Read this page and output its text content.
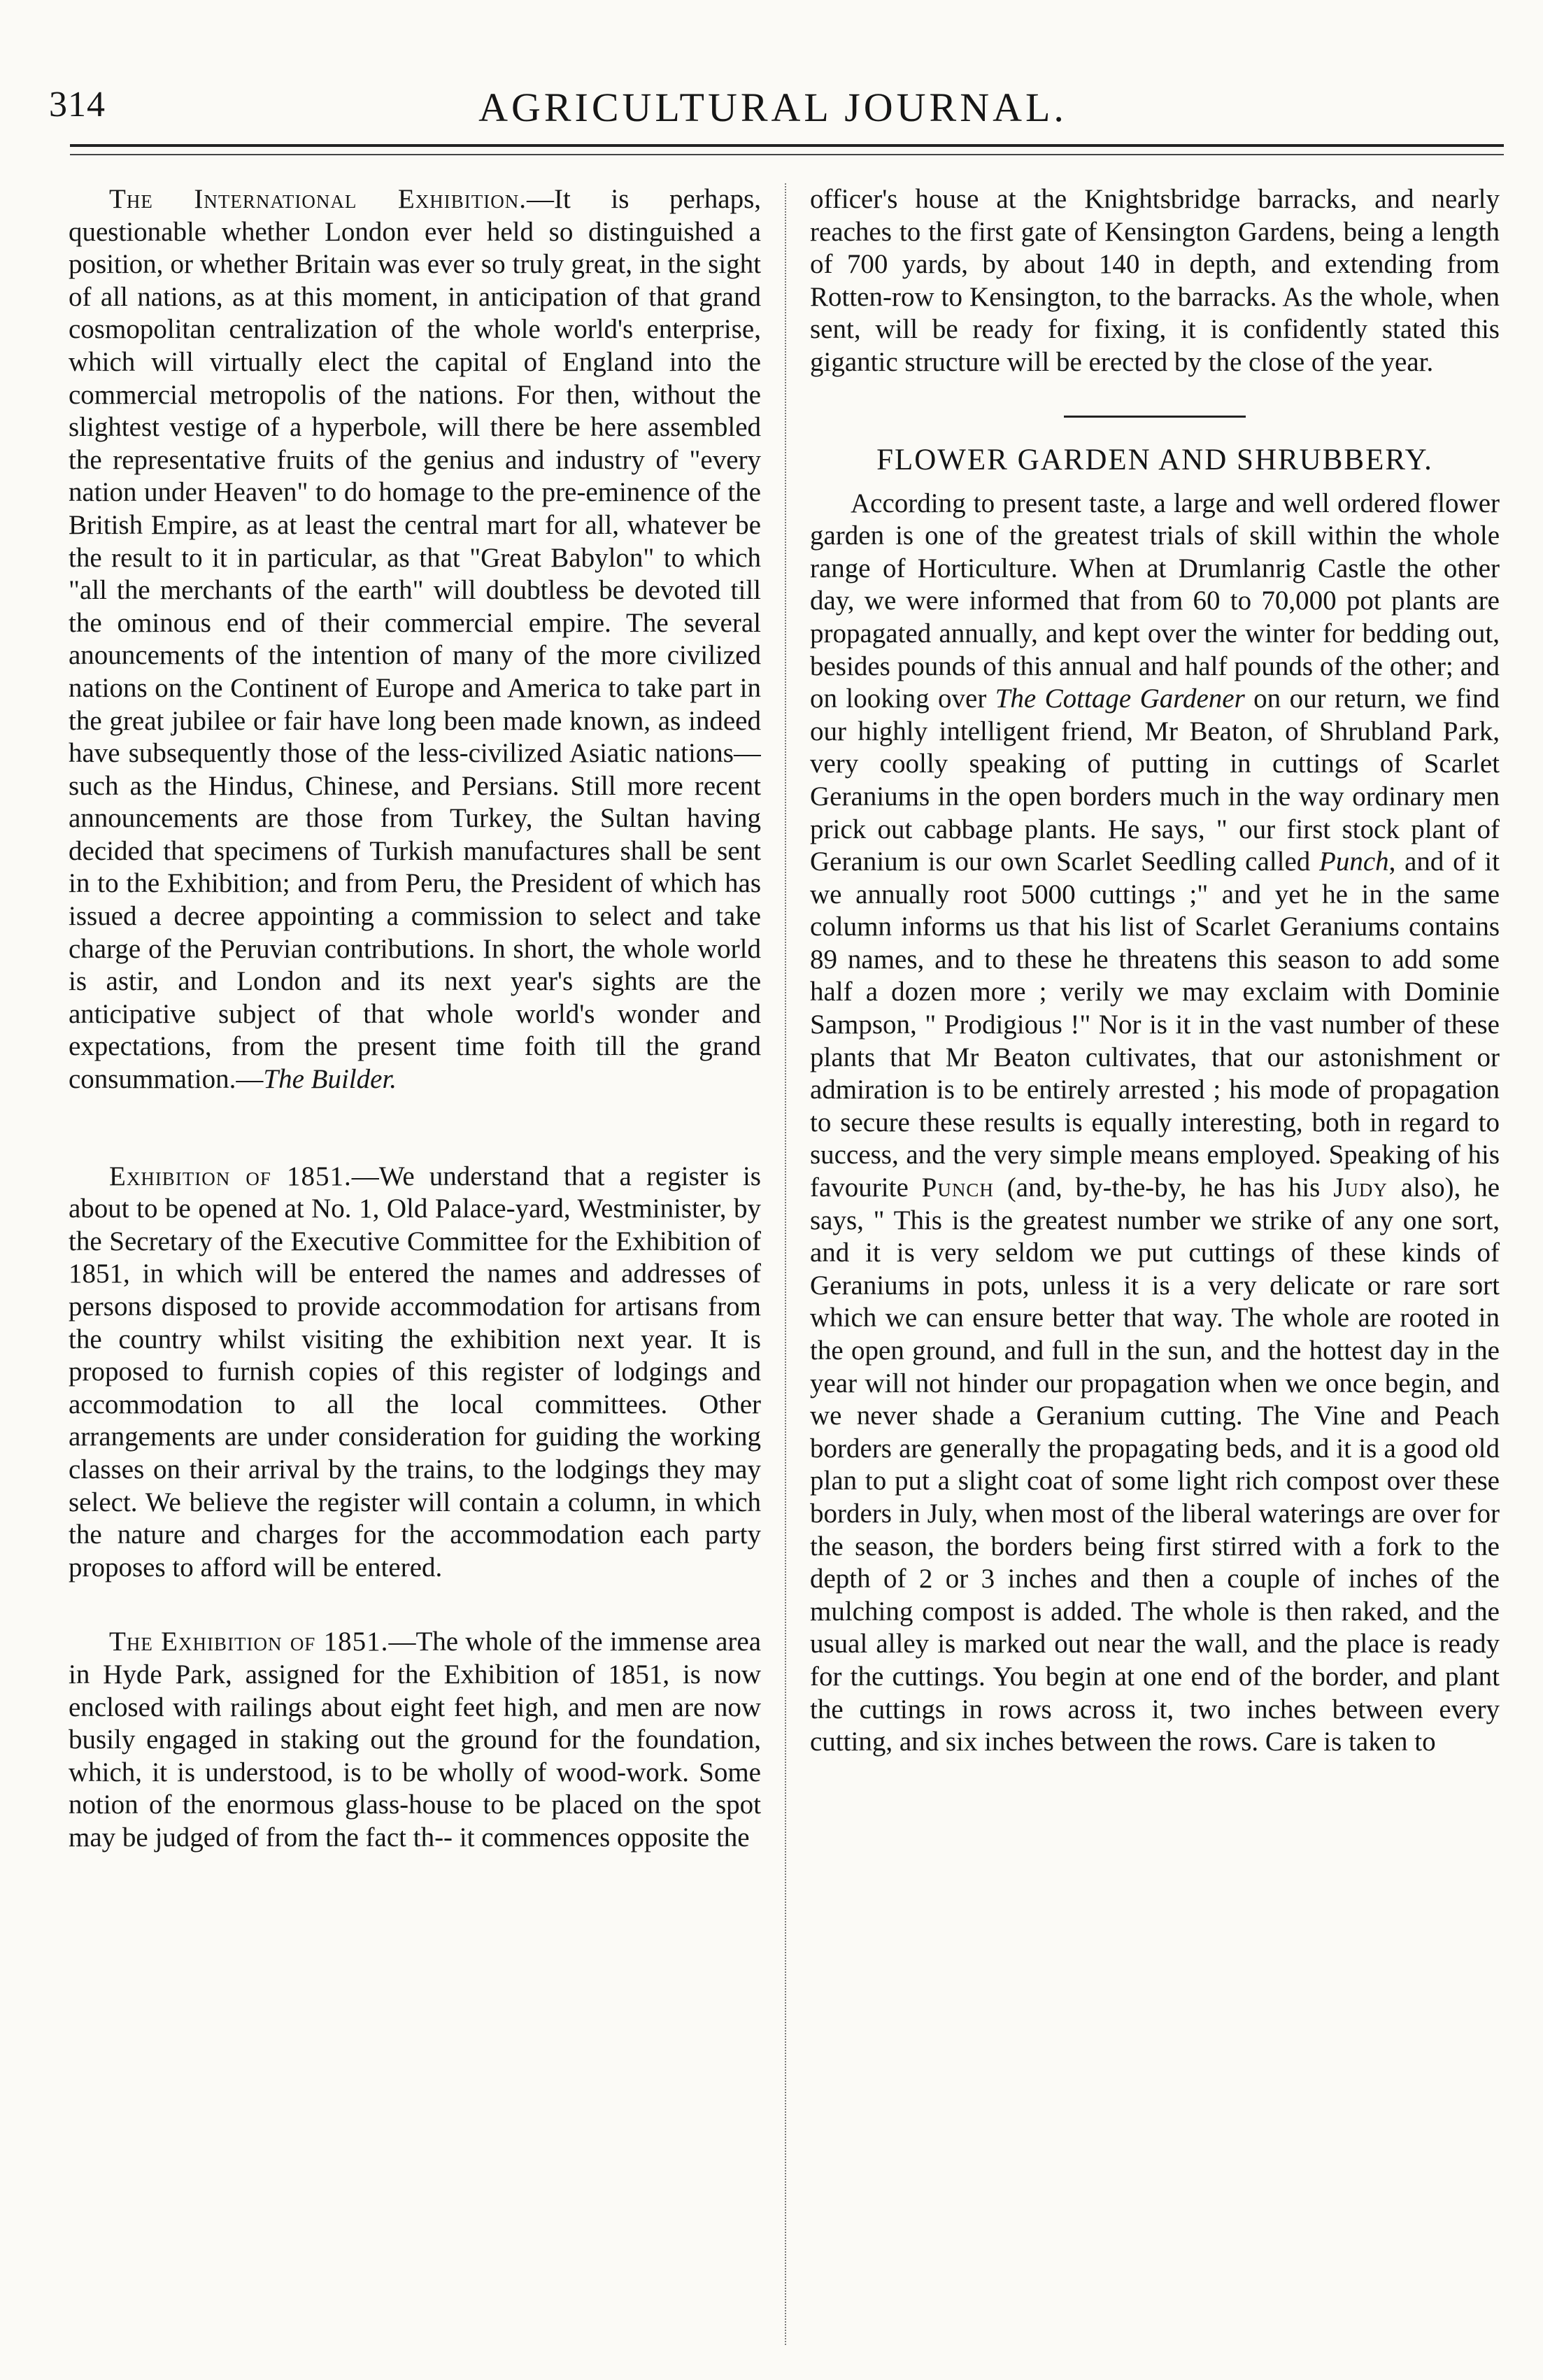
314	AGRICULTURAL JOURNAL.

The International Exhibition.—It is perhaps, questionable whether London ever held so distinguished a position, or whether Britain was ever so truly great, in the sight of all nations, as at this moment, in anticipation of that grand cosmopolitan centralization of the whole world's enterprise, which will virtually elect the capital of England into the commercial metropolis of the nations. For then, without the slightest vestige of a hyperbole, will there be here assembled the representative fruits of the genius and industry of "every nation under Heaven" to do homage to the pre-eminence of the British Empire, as at least the central mart for all, whatever be the result to it in particular, as that "Great Babylon" to which "all the merchants of the earth" will doubtless be devoted till the ominous end of their commercial empire. The several anouncements of the intention of many of the more civilized nations on the Continent of Europe and America to take part in the great jubilee or fair have long been made known, as indeed have subsequently those of the less-civilized Asiatic nations—such as the Hindus, Chinese, and Persians. Still more recent announcements are those from Turkey, the Sultan having decided that specimens of Turkish manufactures shall be sent in to the Exhibition; and from Peru, the President of which has issued a decree appointing a commission to select and take charge of the Peruvian contributions. In short, the whole world is astir, and London and its next year's sights are the anticipative subject of that whole world's wonder and expectations, from the present time foith till the grand consummation.—The Builder.

Exhibition of 1851.—We understand that a register is about to be opened at No. 1, Old Palace-yard, Westminister, by the Secretary of the Executive Committee for the Exhibition of 1851, in which will be entered the names and addresses of persons disposed to provide accommodation for artisans from the country whilst visiting the exhibition next year. It is proposed to furnish copies of this register of lodgings and accommodation to all the local committees. Other arrangements are under consideration for guiding the working classes on their arrival by the trains, to the lodgings they may select. We believe the register will contain a column, in which the nature and charges for the accommodation each party proposes to afford will be entered.

The Exhibition of 1851.—The whole of the immense area in Hyde Park, assigned for the Exhibition of 1851, is now enclosed with railings about eight feet high, and men are now busily engaged in staking out the ground for the foundation, which, it is understood, is to be wholly of wood-work. Some notion of the enormous glass-house to be placed on the spot may be judged of from the fact th-- it commences opposite the

officer's house at the Knightsbridge barracks, and nearly reaches to the first gate of Kensington Gardens, being a length of 700 yards, by about 140 in depth, and extending from Rotten-row to Kensington, to the barracks. As the whole, when sent, will be ready for fixing, it is confidently stated this gigantic structure will be erected by the close of the year.

FLOWER GARDEN AND SHRUBBERY.

According to present taste, a large and well ordered flower garden is one of the greatest trials of skill within the whole range of Horticulture. When at Drumlanrig Castle the other day, we were informed that from 60 to 70,000 pot plants are propagated annually, and kept over the winter for bedding out, besides pounds of this annual and half pounds of the other; and on looking over The Cottage Gardener on our return, we find our highly intelligent friend, Mr Beaton, of Shrubland Park, very coolly speaking of putting in cuttings of Scarlet Geraniums in the open borders much in the way ordinary men prick out cabbage plants. He says, " our first stock plant of Geranium is our own Scarlet Seedling called Punch, and of it we annually root 5000 cuttings ;" and yet he in the same column informs us that his list of Scarlet Geraniums contains 89 names, and to these he threatens this season to add some half a dozen more ; verily we may exclaim with Dominie Sampson, " Prodigious !" Nor is it in the vast number of these plants that Mr Beaton cultivates, that our astonishment or admiration is to be entirely arrested ; his mode of propagation to secure these results is equally interesting, both in regard to success, and the very simple means employed. Speaking of his favourite Punch (and, by-the-by, he has his Judy also), he says, " This is the greatest number we strike of any one sort, and it is very seldom we put cuttings of these kinds of Geraniums in pots, unless it is a very delicate or rare sort which we can ensure better that way. The whole are rooted in the open ground, and full in the sun, and the hottest day in the year will not hinder our propagation when we once begin, and we never shade a Geranium cutting. The Vine and Peach borders are generally the propagating beds, and it is a good old plan to put a slight coat of some light rich compost over these borders in July, when most of the liberal waterings are over for the season, the borders being first stirred with a fork to the depth of 2 or 3 inches and then a couple of inches of the mulching compost is added. The whole is then raked, and the usual alley is marked out near the wall, and the place is ready for the cuttings. You begin at one end of the border, and plant the cuttings in rows across it, two inches between every cutting, and six inches between the rows. Care is taken to
